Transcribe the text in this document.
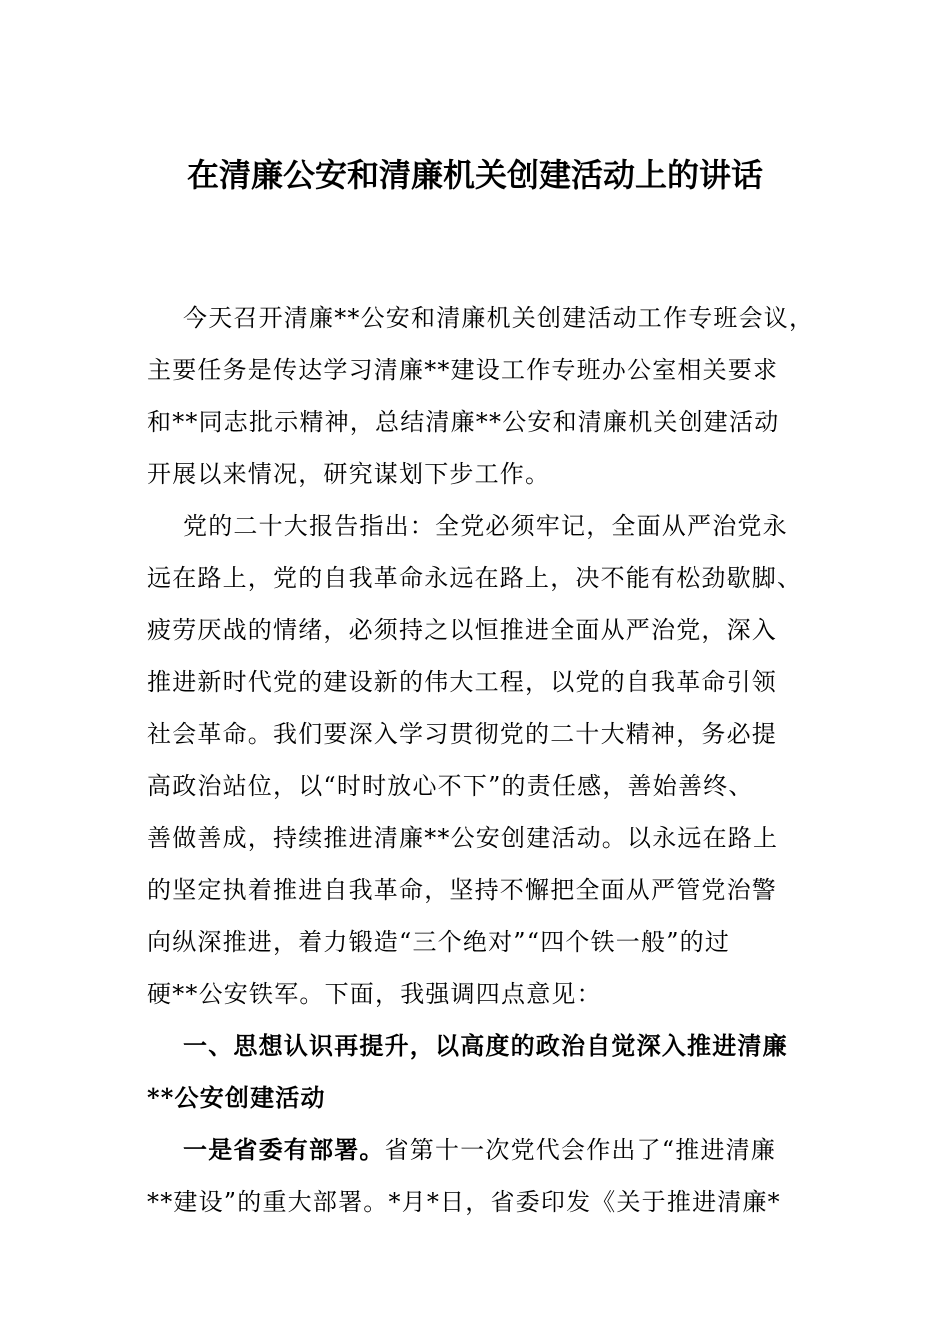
在清廉公安和清廉机关创建活动上的讲话
今天召开清廉**公安和清廉机关创建活动工作专班会议，
主要任务是传达学习清廉**建设工作专班办公室相关要求
和**同志批示精神，总结清廉**公安和清廉机关创建活动
开展以来情况，研究谋划下步工作。
党的二十大报告指出：全党必须牢记，全面从严治党永
远在路上，党的自我革命永远在路上，决不能有松劲歇脚、
疲劳厌战的情绪，必须持之以恒推进全面从严治党，深入
推进新时代党的建设新的伟大工程，以党的自我革命引领
社会革命。我们要深入学习贯彻党的二十大精神，务必提
高政治站位，以“时时放心不下”的责任感，善始善终、
善做善成，持续推进清廉**公安创建活动。以永远在路上
的坚定执着推进自我革命，坚持不懈把全面从严管党治警
向纵深推进，着力锻造“三个绝对”“四个铁一般”的过
硬**公安铁军。下面，我强调四点意见：
一、思想认识再提升，以高度的政治自觉深入推进清廉
**公安创建活动
一是省委有部署。省第十一次党代会作出了“推进清廉
**建设”的重大部署。*月*日，省委印发《关于推进清廉*
